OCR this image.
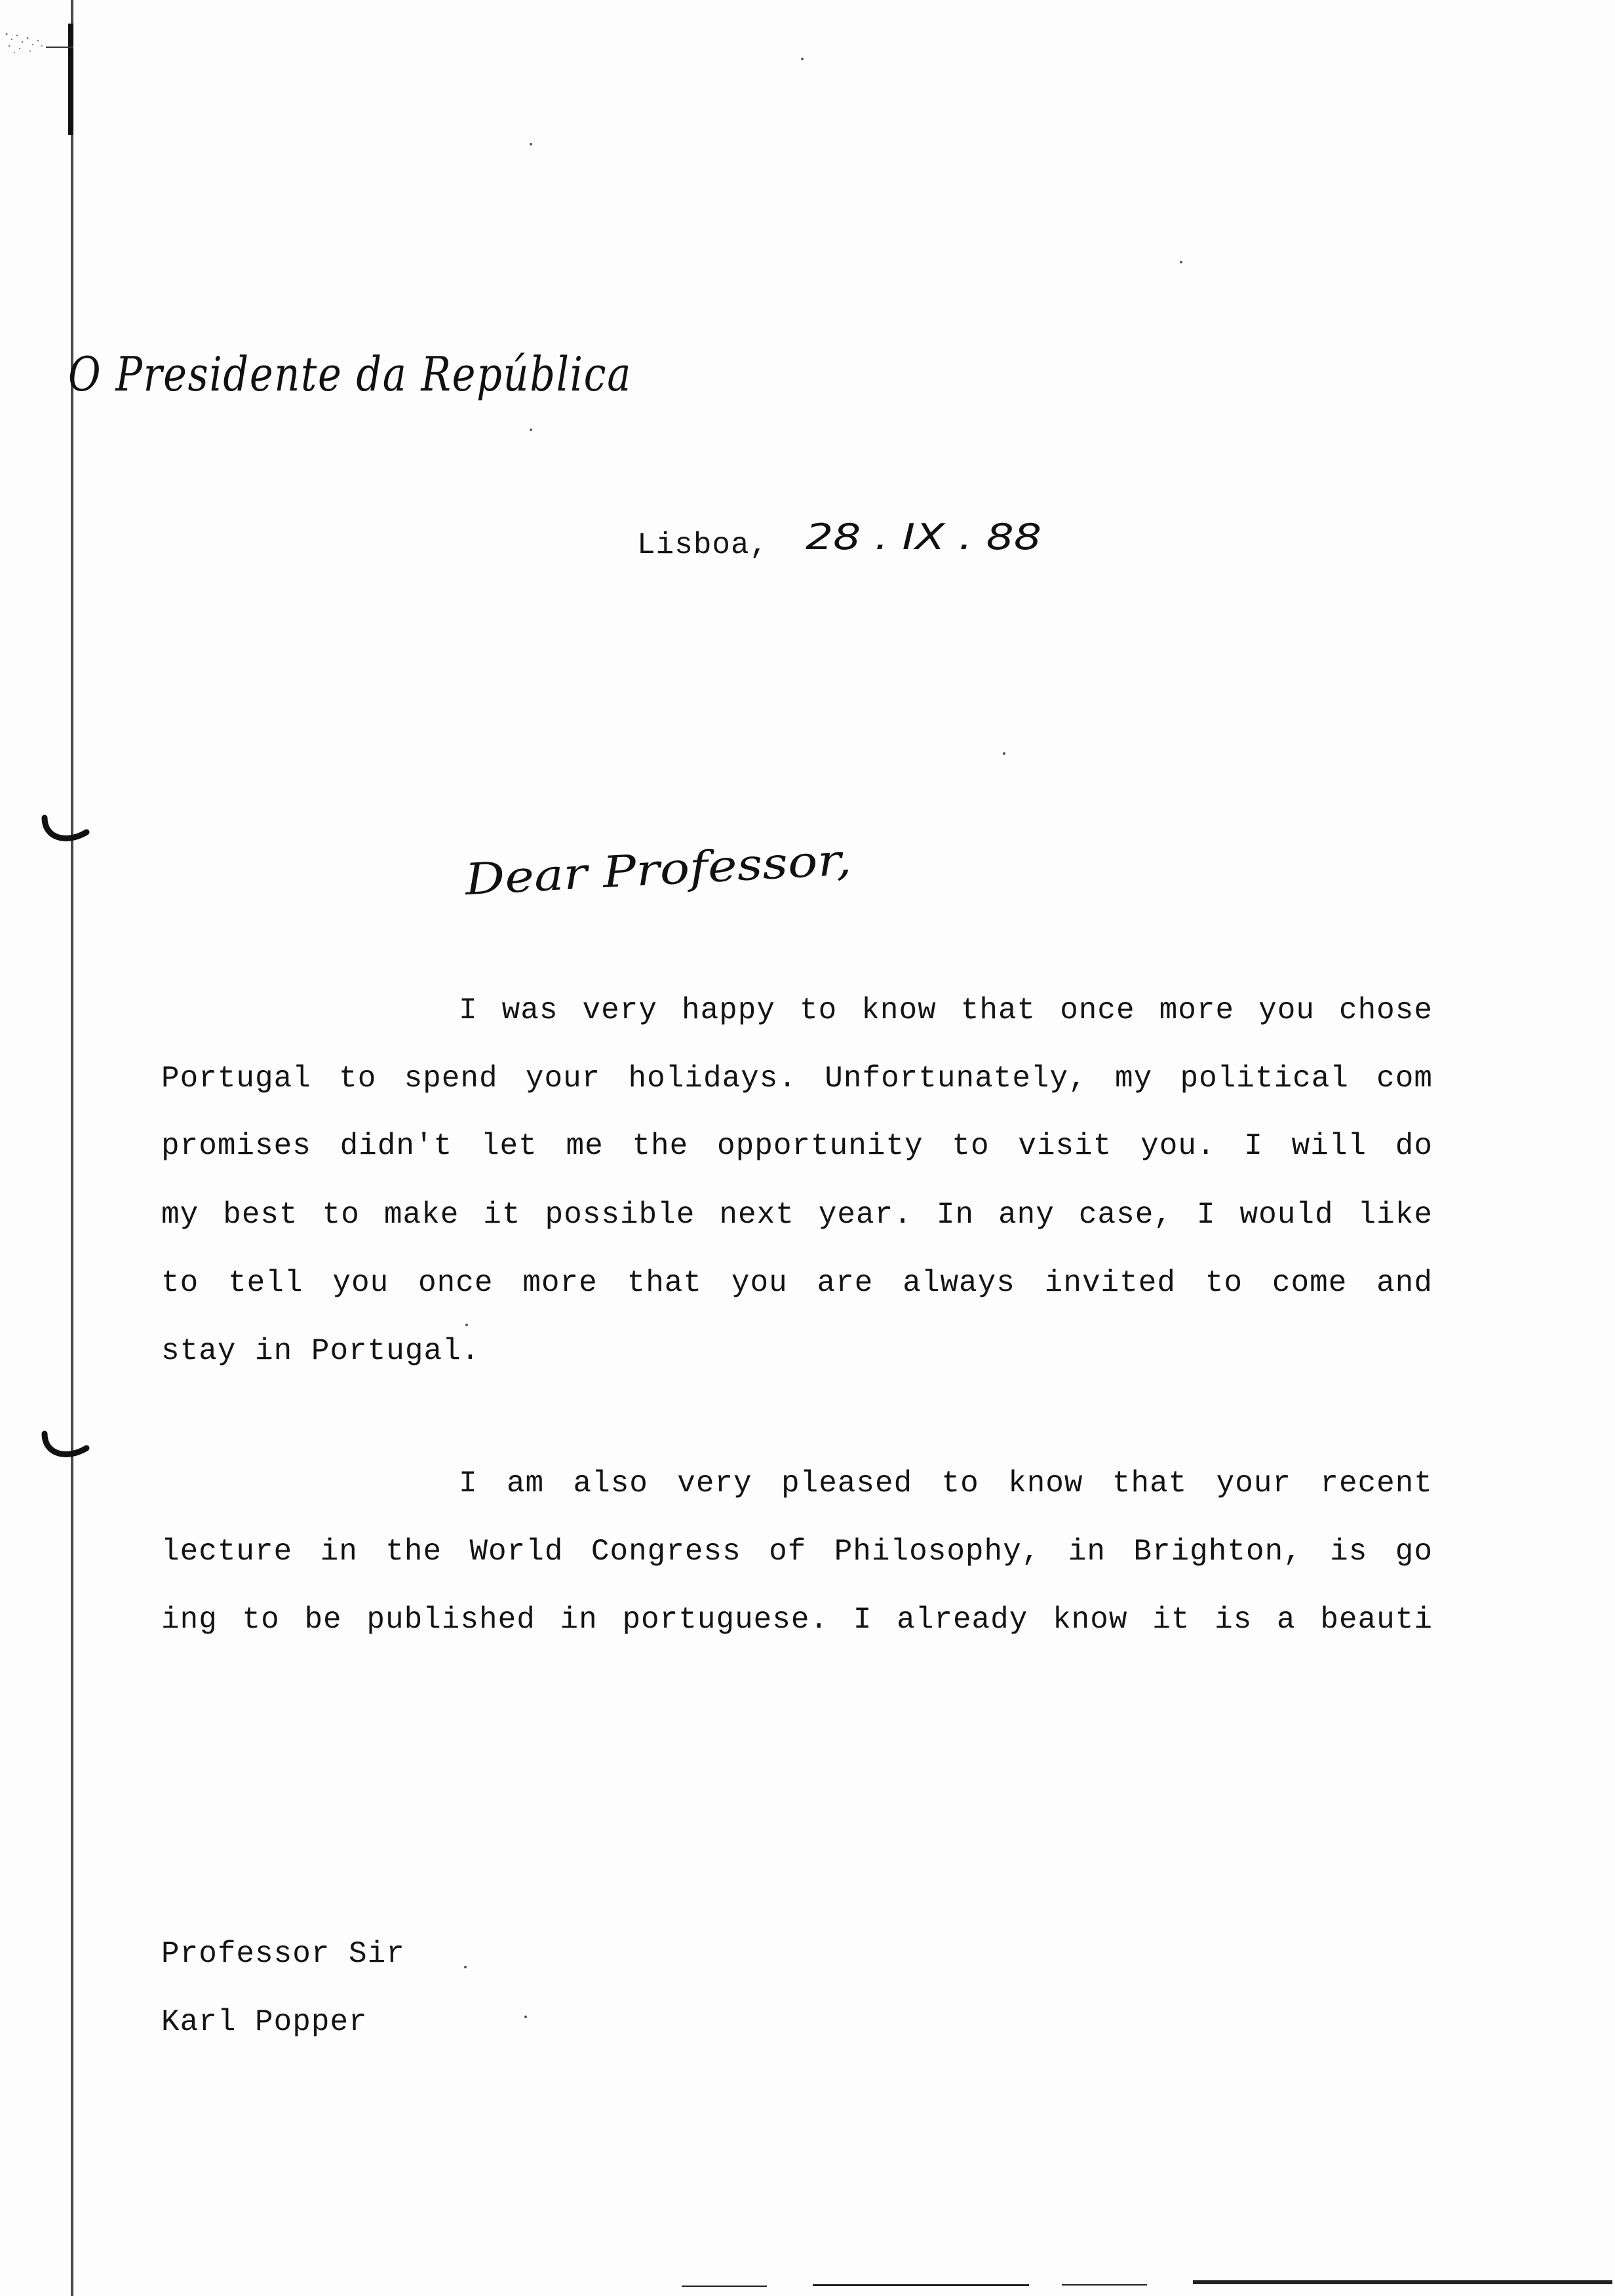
O Presidente da República
Lisboa, 28 . IX . 88
Dear Professor,
I was very happy to know that once more you chose
Portugal to spend your holidays. Unfortunately, my political com
promises didn't let me the opportunity to visit you. I will do
my best to make it possible next year. In any case, I would like
to tell you once more that you are always invited to come and
stay in Portugal.
I am also very pleased to know that your recent
lecture in the World Congress of Philosophy, in Brighton, is go
ing to be published in portuguese. I already know it is a beauti
Professor Sir
Karl Popper
